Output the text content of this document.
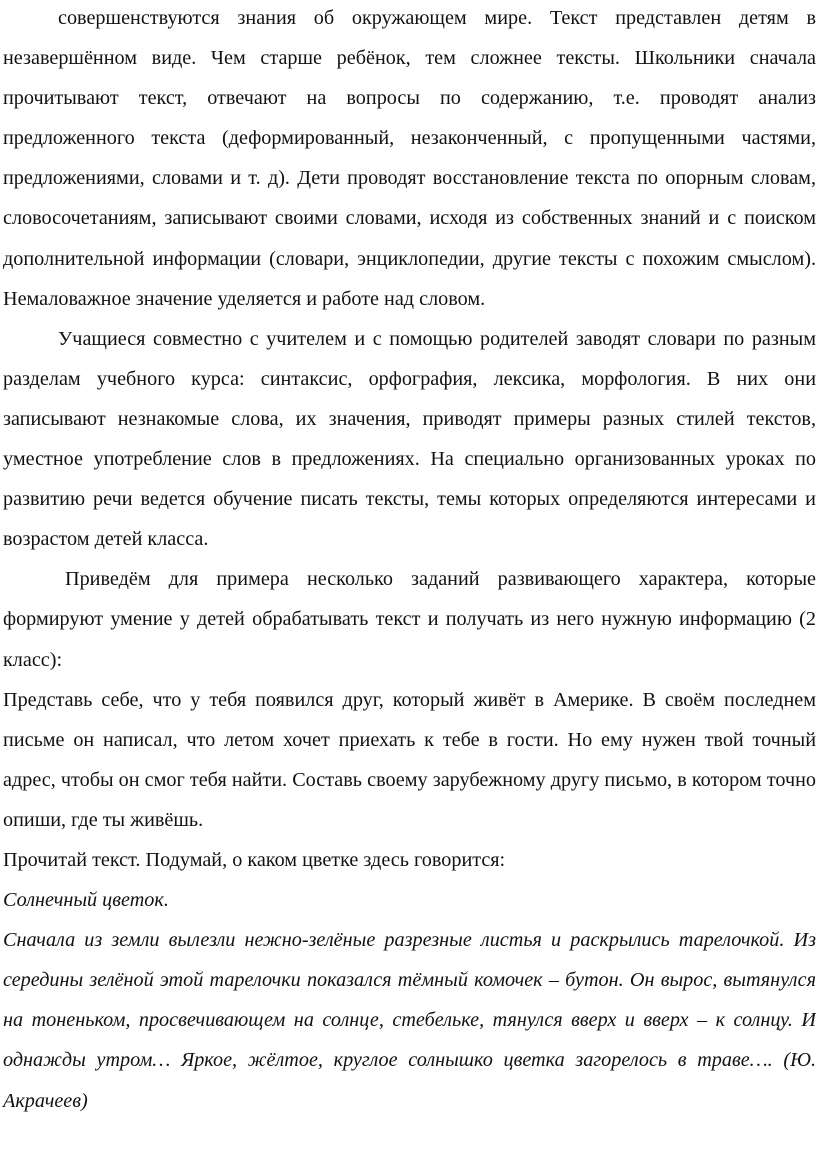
совершенствуются знания об окружающем мире. Текст представлен детям в незавершённом виде. Чем старше ребёнок, тем сложнее тексты. Школьники сначала прочитывают текст, отвечают на вопросы по содержанию, т.е. проводят анализ предложенного текста (деформированный, незаконченный, с пропущенными частями, предложениями, словами и т. д). Дети проводят восстановление текста по опорным словам, словосочетаниям, записывают своими словами, исходя из собственных знаний и с поиском дополнительной информации (словари, энциклопедии, другие тексты с похожим смыслом). Немаловажное значение уделяется и работе над словом.

Учащиеся совместно с учителем и с помощью родителей заводят словари по разным разделам учебного курса: синтаксис, орфография, лексика, морфология. В них они записывают незнакомые слова, их значения, приводят примеры разных стилей текстов, уместное употребление слов в предложениях. На специально организованных уроках по развитию речи ведется обучение писать тексты, темы которых определяются интересами и возрастом детей класса.

Приведём для примера несколько заданий развивающего характера, которые формируют умение у детей обрабатывать текст и получать из него нужную информацию (2 класс):

Представь себе, что у тебя появился друг, который живёт в Америке. В своём последнем письме он написал, что летом хочет приехать к тебе в гости. Но ему нужен твой точный адрес, чтобы он смог тебя найти. Составь своему зарубежному другу письмо, в котором точно опиши, где ты живёшь.

Прочитай текст. Подумай, о каком цветке здесь говорится:

Солнечный цветок.

Сначала из земли вылезли нежно-зелёные разрезные листья и раскрылись тарелочкой. Из середины зелёной этой тарелочки показался тёмный комочек – бутон. Он вырос, вытянулся на тоненьком, просвечивающем на солнце, стебельке, тянулся вверх и вверх – к солнцу. И однажды утром… Яркое, жёлтое, круглое солнышко цветка загорелось в траве…. (Ю. Акрачеев)
